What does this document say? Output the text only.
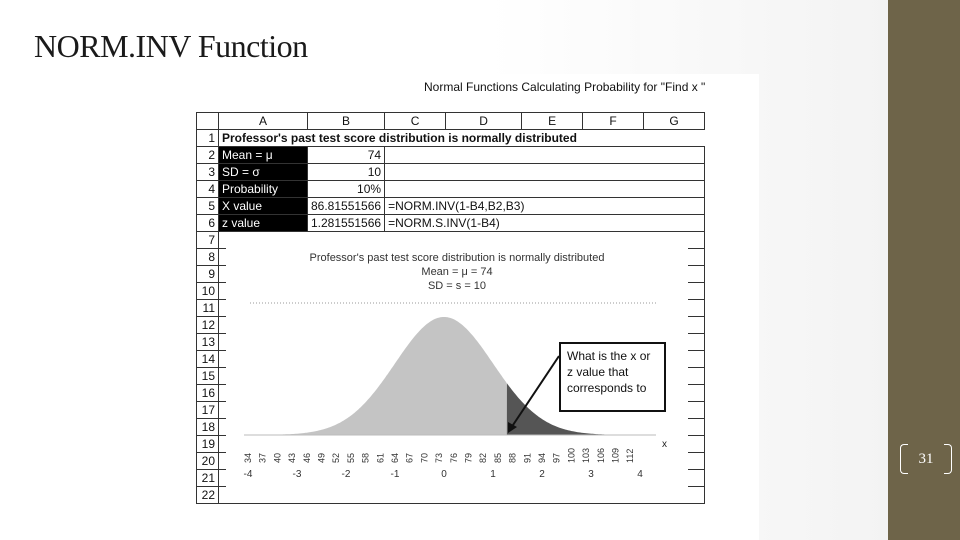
31
NORM.INV Function
Normal Functions Calculating Probability for "Find x "
	A	B	C	D	E	F	G
1	Professor's past test score distribution is normally distributed						
2	Mean = μ	74					
3	SD = σ	10					
4	Probability	10%					
5	X value	86.81551566	=NORM.INV(1-B4,B2,B3)				
6	z value	1.281551566	=NORM.S.INV(1-B4)				
7							
8							
9							
10							
11							
12							
13							
14							
15							
16							
17							
18							
19							
20							
21							
22							
Professor's past test score distribution is normally distributed
Mean = μ = 74
SD = s = 10
34 37 40 43 46 49 52 55 58 61 64 67 70 73 76 79 82 85 88 91 94 97 100 103 106 109 112
-4	-3	-2	-1	0	1	2	3	4
x
What is the x or z value that corresponds to
